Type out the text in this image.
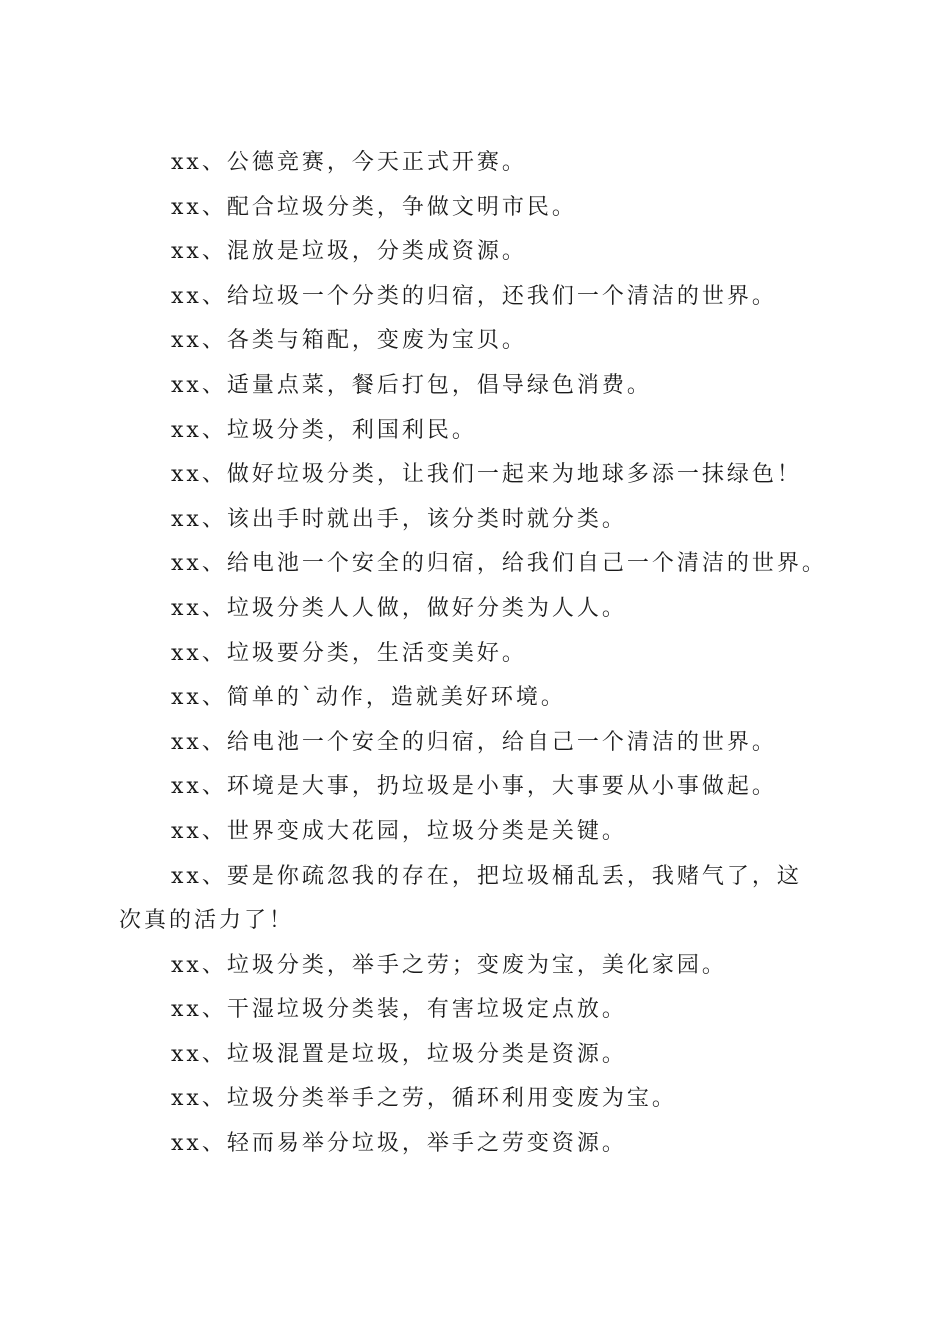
xx、公德竞赛，今天正式开赛。

xx、配合垃圾分类，争做文明市民。

xx、混放是垃圾，分类成资源。

xx、给垃圾一个分类的归宿，还我们一个清洁的世界。

xx、各类与箱配，变废为宝贝。

xx、适量点菜，餐后打包，倡导绿色消费。

xx、垃圾分类，利国利民。

xx、做好垃圾分类，让我们一起来为地球多添一抹绿色！

xx、该出手时就出手，该分类时就分类。

xx、给电池一个安全的归宿，给我们自己一个清洁的世界。

xx、垃圾分类人人做，做好分类为人人。

xx、垃圾要分类，生活变美好。

xx、简单的`动作，造就美好环境。

xx、给电池一个安全的归宿，给自己一个清洁的世界。

xx、环境是大事，扔垃圾是小事，大事要从小事做起。

xx、世界变成大花园，垃圾分类是关键。

xx、要是你疏忽我的存在，把垃圾桶乱丢，我赌气了，这
次真的活力了！

xx、垃圾分类，举手之劳；变废为宝，美化家园。

xx、干湿垃圾分类装，有害垃圾定点放。

xx、垃圾混置是垃圾，垃圾分类是资源。

xx、垃圾分类举手之劳，循环利用变废为宝。

xx、轻而易举分垃圾，举手之劳变资源。
